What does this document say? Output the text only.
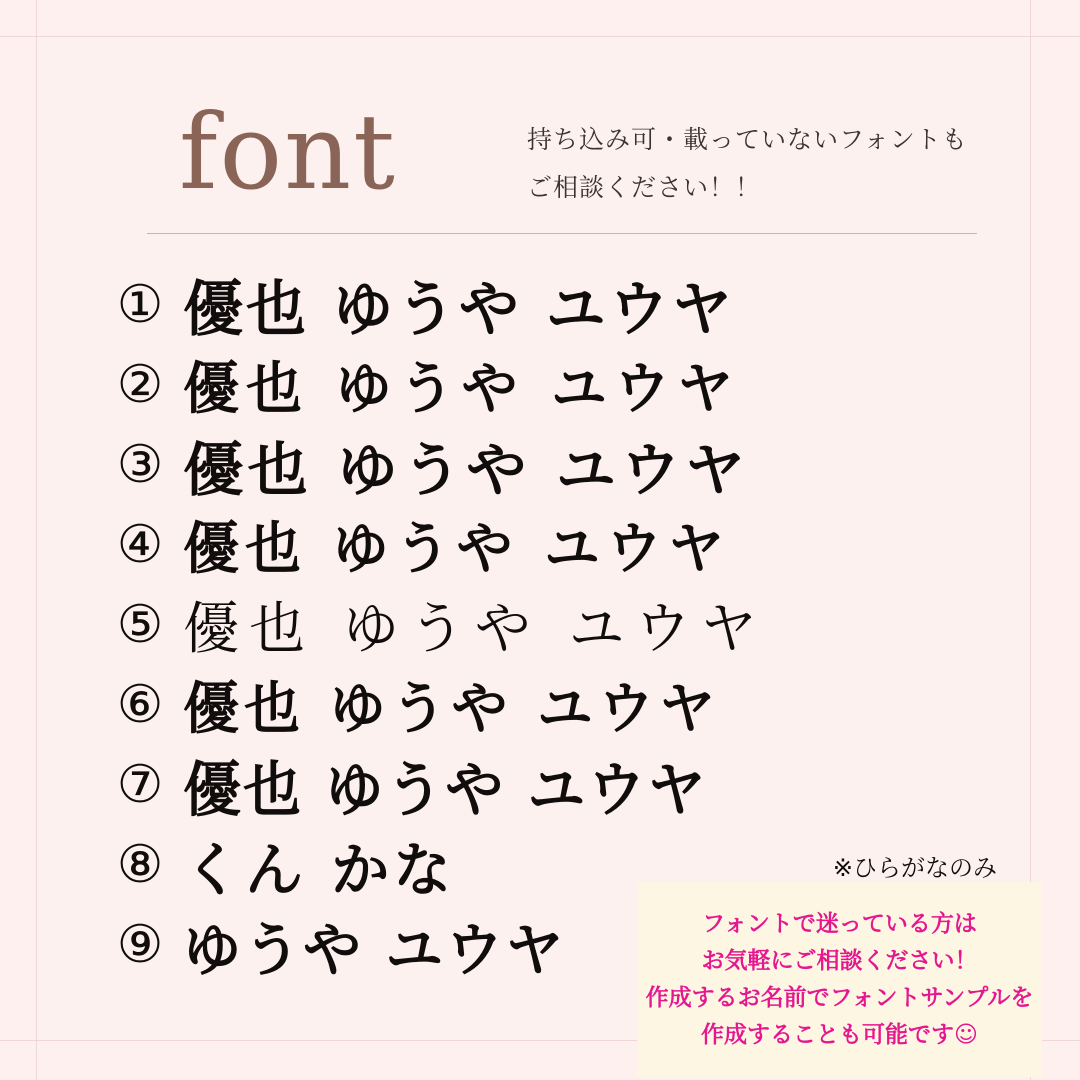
font	持ち込み可・載っていないフォントも
ご相談ください！！
① 優也 ゆうや ユウヤ
② 優也 ゆうや ユウヤ
③ 優也 ゆうや ユウヤ
④ 優也 ゆうや ユウヤ
⑤ 優也 ゆうや ユウヤ
⑥ 優也 ゆうや ユウヤ
⑦ 優也 ゆうや ユウヤ
⑧ くん かな	※ひらがなのみ
⑨ ゆうや ユウヤ	フォントで迷っている方は
お気軽にご相談ください！
作成するお名前でフォントサンプルを
作成することも可能です☺
